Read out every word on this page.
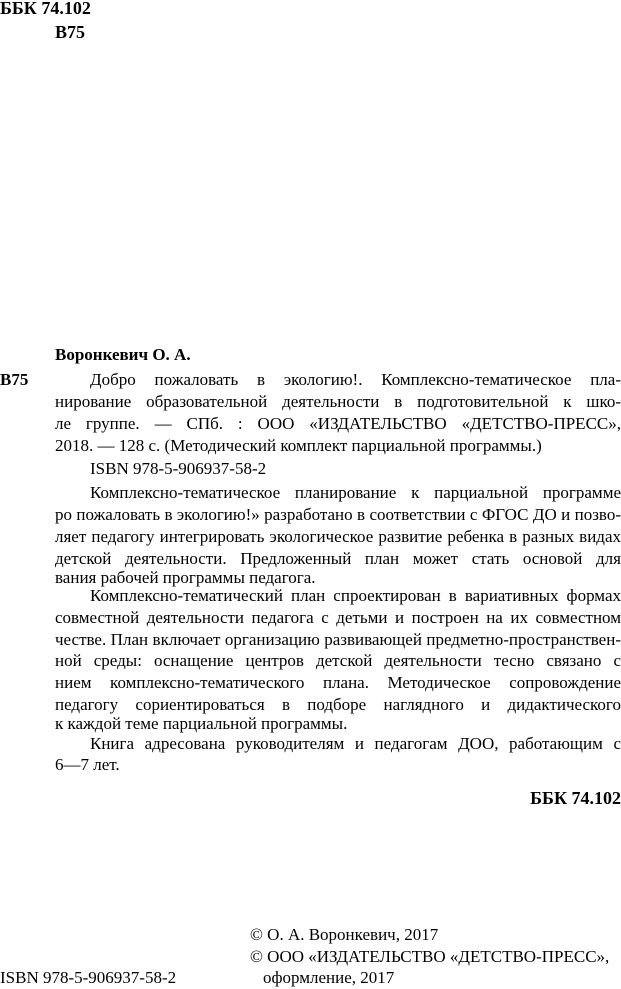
ББК 74.102
В75
Воронкевич О. А.
В75	Добро пожаловать в экологию!. Комплексно-тематическое пла-
нирование образовательной деятельности в подготовительной к шко-
ле группе. — СПб. : ООО «ИЗДАТЕЛЬСТВО «ДЕТСТВО-ПРЕСС»,
2018. — 128 с. (Методический комплект парциальной программы.)
ISBN 978-5-906937-58-2
Комплексно-тематическое планирование к парциальной программе
ро пожаловать в экологию!» разработано в соответствии с ФГОС ДО и позво-
ляет педагогу интегрировать экологическое развитие ребенка в разных видах
детской деятельности. Предложенный план может стать основой для
вания рабочей программы педагога.
Комплексно-тематический план спроектирован в вариативных формах
совместной деятельности педагога с детьми и построен на их совместном
честве. План включает организацию развивающей предметно-пространствен-
ной среды: оснащение центров детской деятельности тесно связано с
нием комплексно-тематического плана. Методическое сопровождение
педагогу сориентироваться в подборе наглядного и дидактического
к каждой теме парциальной программы.
Книга адресована руководителям и педагогам ДОО, работающим с
6—7 лет.
ББК 74.102
© О. А. Воронкевич, 2017
© ООО «ИЗДАТЕЛЬСТВО «ДЕТСТВО-ПРЕСС»,
оформление, 2017
ISBN 978-5-906937-58-2
